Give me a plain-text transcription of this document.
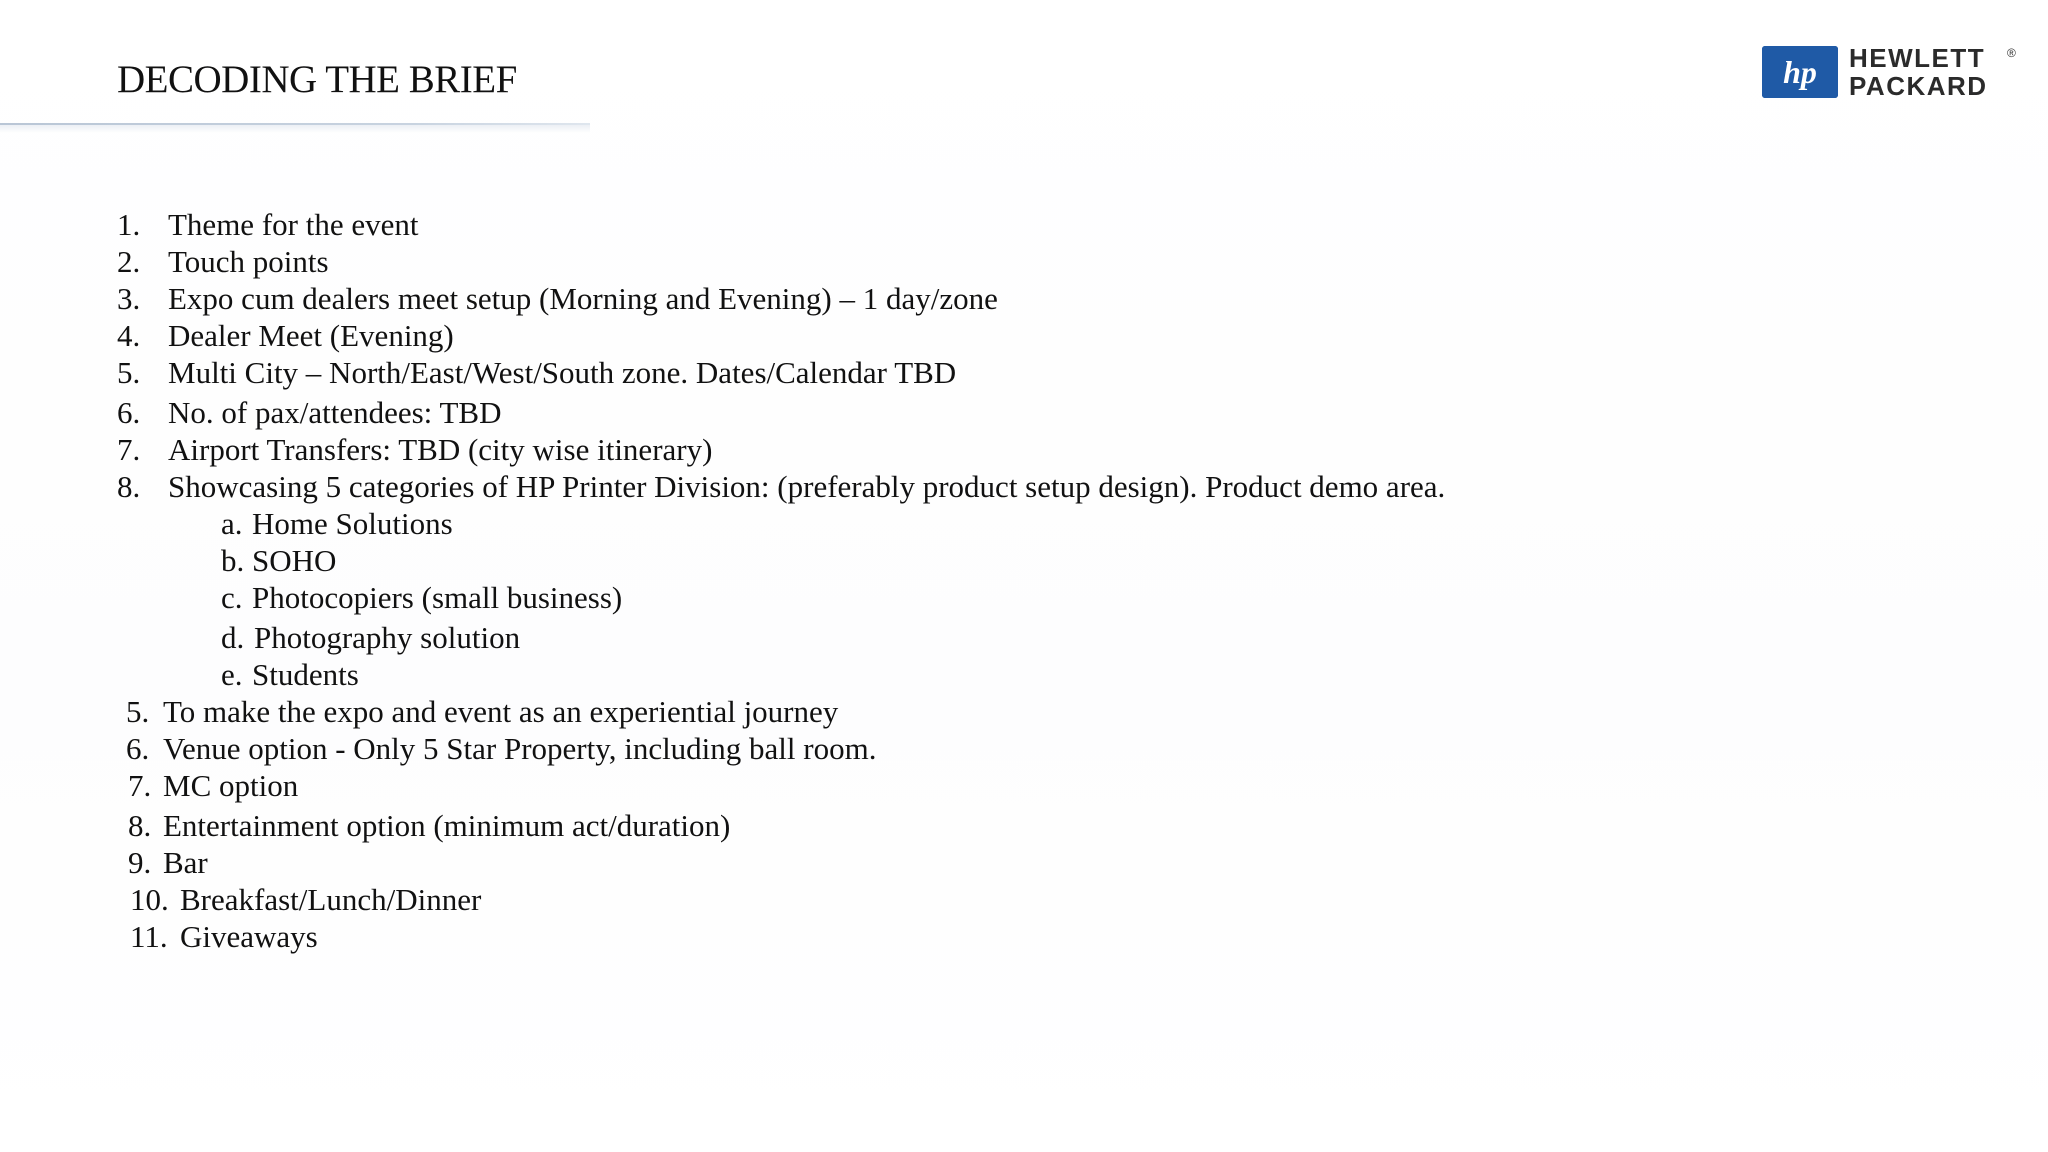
DECODING THE BRIEF	hp HEWLETT
PACKARD
®
1. Theme for the event
2. Touch points
3. Expo cum dealers meet setup (Morning and Evening) – 1 day/zone
4. Dealer Meet (Evening)
5. Multi City – North/East/West/South zone. Dates/Calendar TBD
6. No. of pax/attendees: TBD
7. Airport Transfers: TBD (city wise itinerary)
8. Showcasing 5 categories of HP Printer Division: (preferably product setup design). Product demo area.
a. Home Solutions
b. SOHO
c. Photocopiers (small business)
d. Photography solution
e. Students
5. To make the expo and event as an experiential journey
6. Venue option - Only 5 Star Property, including ball room.
7. MC option
8. Entertainment option (minimum act/duration)
9. Bar
10. Breakfast/Lunch/Dinner
11. Giveaways
